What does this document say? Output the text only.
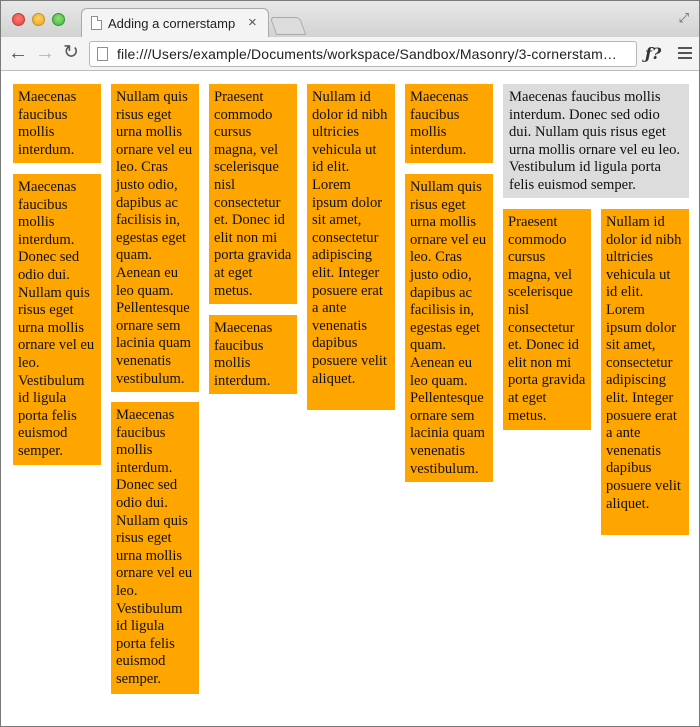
Adding a cornerstamp ×	⤢
← → ↻	file:///Users/example/Documents/workspace/Sandbox/Masonry/3-cornerstam… ƒ?
Maecenas faucibus mollis interdum.
Maecenas faucibus mollis interdum. Donec sed odio dui. Nullam quis risus eget urna mollis ornare vel eu leo. Vestibulum id ligula porta felis euismod semper.
Nullam quis risus eget urna mollis ornare vel eu leo. Cras justo odio, dapibus ac facilisis in, egestas eget quam. Aenean eu leo quam. Pellentesque ornare sem lacinia quam venenatis vestibulum.
Maecenas faucibus mollis interdum. Donec sed odio dui. Nullam quis risus eget urna mollis ornare vel eu leo. Vestibulum id ligula porta felis euismod semper.
Praesent commodo cursus magna, vel scelerisque nisl consectetur et. Donec id elit non mi porta gravida at eget metus.
Maecenas faucibus mollis interdum.
Nullam id dolor id nibh ultricies vehicula ut id elit. Lorem ipsum dolor sit amet, consectetur adipiscing elit. Integer posuere erat a ante venenatis dapibus posuere velit aliquet.
Maecenas faucibus mollis interdum.
Nullam quis risus eget urna mollis ornare vel eu leo. Cras justo odio, dapibus ac facilisis in, egestas eget quam. Aenean eu leo quam. Pellentesque ornare sem lacinia quam venenatis vestibulum.
Maecenas faucibus mollis interdum. Donec sed odio dui. Nullam quis risus eget urna mollis ornare vel eu leo. Vestibulum id ligula porta felis euismod semper.
Praesent commodo cursus magna, vel scelerisque nisl consectetur et. Donec id elit non mi porta gravida at eget metus.
Nullam id dolor id nibh ultricies vehicula ut id elit. Lorem ipsum dolor sit amet, consectetur adipiscing elit. Integer posuere erat a ante venenatis dapibus posuere velit aliquet.
